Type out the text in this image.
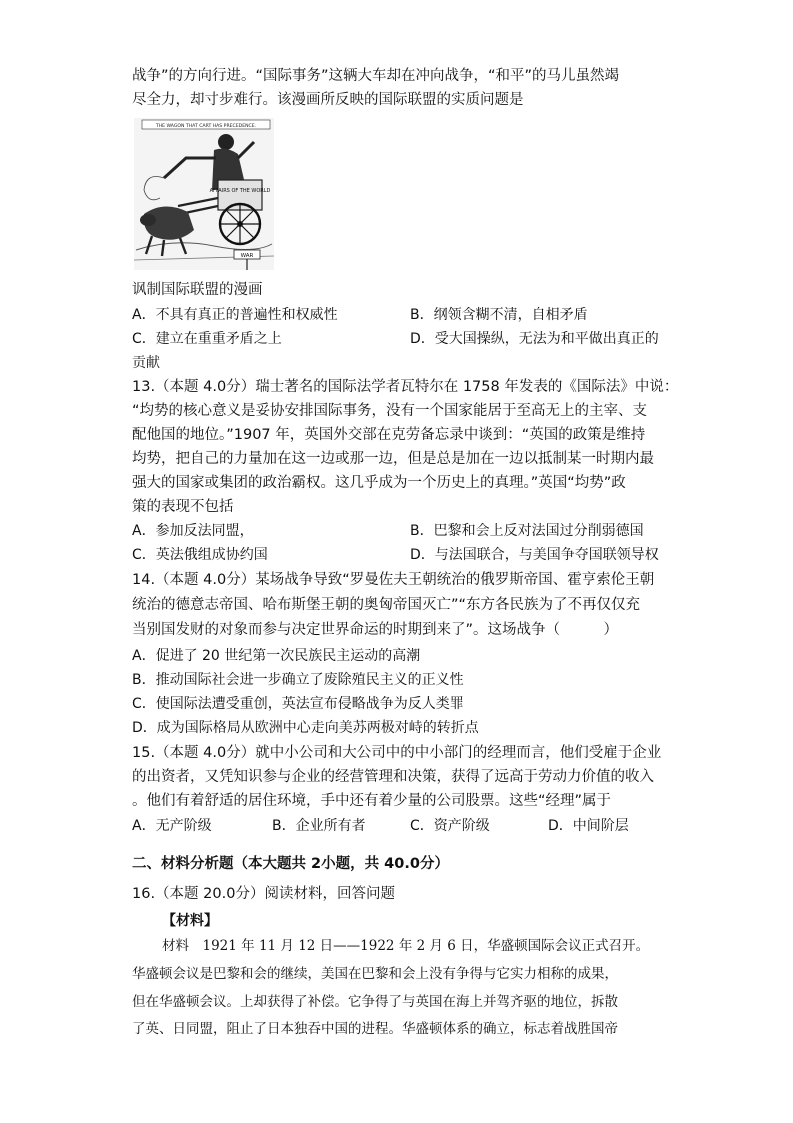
战争”的方向行进。“国际事务”这辆大车却在冲向战争，“和平”的马儿虽然竭
尽全力，却寸步难行。该漫画所反映的国际联盟的实质问题是
THE WAGON THAT CART HAS PRECEDENCE.
AFFAIRS OF THE WORLD
WAR
讽制国际联盟的漫画
A．不具有真正的普遍性和权威性	B．纲领含糊不清，自相矛盾
C．建立在重重矛盾之上	D．受大国操纵，无法为和平做出真正的
贡献
13.（本题 4.0分）瑞士著名的国际法学者瓦特尔在 1758 年发表的《国际法》中说：
“均势的核心意义是妥协安排国际事务，没有一个国家能居于至高无上的主宰、支
配他国的地位。”1907 年，英国外交部在克劳备忘录中谈到：“英国的政策是维持
均势，把自己的力量加在这一边或那一边，但是总是加在一边以抵制某一时期内最
强大的国家或集团的政治霸权。这几乎成为一个历史上的真理。”英国“均势”政
策的表现不包括
A．参加反法同盟，	B．巴黎和会上反对法国过分削弱德国
C．英法俄组成协约国	D．与法国联合，与美国争夺国联领导权
14.（本题 4.0分）某场战争导致“罗曼佐夫王朝统治的俄罗斯帝国、霍亨索伦王朝
统治的德意志帝国、哈布斯堡王朝的奥匈帝国灭亡”“东方各民族为了不再仅仅充
当别国发财的对象而参与决定世界命运的时期到来了”。这场战争（　　　）
A．促进了 20 世纪第一次民族民主运动的高潮
B．推动国际社会进一步确立了废除殖民主义的正义性
C．使国际法遭受重创，英法宣布侵略战争为反人类罪
D．成为国际格局从欧洲中心走向美苏两极对峙的转折点
15.（本题 4.0分）就中小公司和大公司中的中小部门的经理而言，他们受雇于企业
的出资者，又凭知识参与企业的经营管理和决策，获得了远高于劳动力价值的收入
。他们有着舒适的居住环境，手中还有着少量的公司股票。这些“经理”属于
A．无产阶级	B．企业所有者	C．资产阶级	D．中间阶层
二、材料分析题（本大题共 2小题，共 40.0分）
16.（本题 20.0分）阅读材料，回答问题
【材料】
材料　1921 年 11 月 12 日——1922 年 2 月 6 日，华盛顿国际会议正式召开。
华盛顿会议是巴黎和会的继续，美国在巴黎和会上没有争得与它实力相称的成果，
但在华盛顿会议。上却获得了补偿。它争得了与英国在海上并驾齐驱的地位，拆散
了英、日同盟，阻止了日本独吞中国的进程。华盛顿体系的确立，标志着战胜国帝
